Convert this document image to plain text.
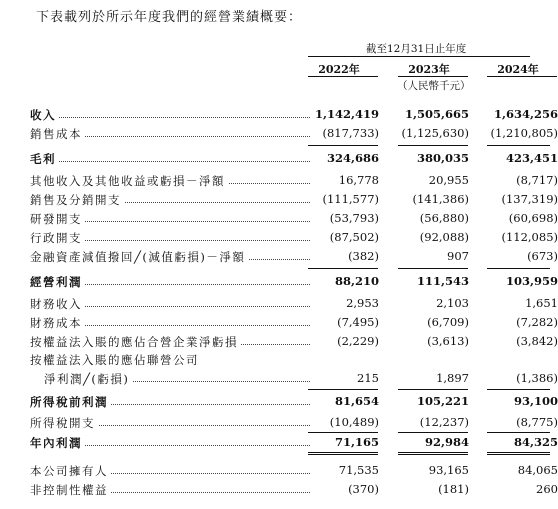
下表載列於所示年度我們的經營業績概要：
截至12月31日止年度
2022年	2023年	2024年
（人民幣千元）
收入	1,142,419	1,505,665	1,634,256
銷售成本	(817,733)	(1,125,630)	(1,210,805)
毛利	324,686	380,035	423,451
其他收入及其他收益或虧損－淨額	16,778	20,955	(8,717)
銷售及分銷開支	(111,577)	(141,386)	(137,319)
研發開支	(53,793)	(56,880)	(60,698)
行政開支	(87,502)	(92,088)	(112,085)
金融資產減值撥回╱(減值虧損)－淨額	(382)	907	(673)
經營利潤	88,210	111,543	103,959
財務收入	2,953	2,103	1,651
財務成本	(7,495)	(6,709)	(7,282)
按權益法入賬的應佔合營企業淨虧損	(2,229)	(3,613)	(3,842)
按權益法入賬的應佔聯營公司
淨利潤╱(虧損)	215	1,897	(1,386)
所得稅前利潤	81,654	105,221	93,100
所得稅開支	(10,489)	(12,237)	(8,775)
年內利潤	71,165	92,984	84,325
本公司擁有人	71,535	93,165	84,065
非控制性權益	(370)	(181)	260
